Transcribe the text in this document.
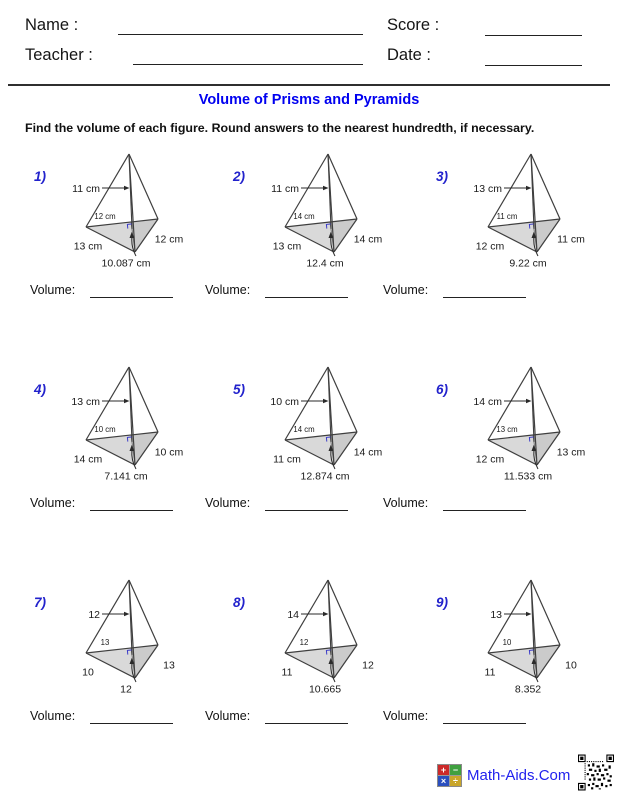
Name :	Score :
Teacher :	Date :
Volume of Prisms and Pyramids
Find the volume of each figure. Round answers to the nearest hundredth, if necessary.
1)
11 cm
12 cm
13 cm
12 cm
10.087 cm
Volume:
2)
11 cm
14 cm
13 cm
14 cm
12.4 cm
Volume:
3)
13 cm
11 cm
12 cm
11 cm
9.22 cm
Volume:
4)
13 cm
10 cm
14 cm
10 cm
7.141 cm
Volume:
5)
10 cm
14 cm
11 cm
14 cm
12.874 cm
Volume:
6)
14 cm
13 cm
12 cm
13 cm
11.533 cm
Volume:
7)
12
13
10
13
12
Volume:
8)
14
12
11
12
10.665
Volume:
9)
13
10
11
10
8.352
Volume:
+ −
× ÷ Math-Aids.Com
